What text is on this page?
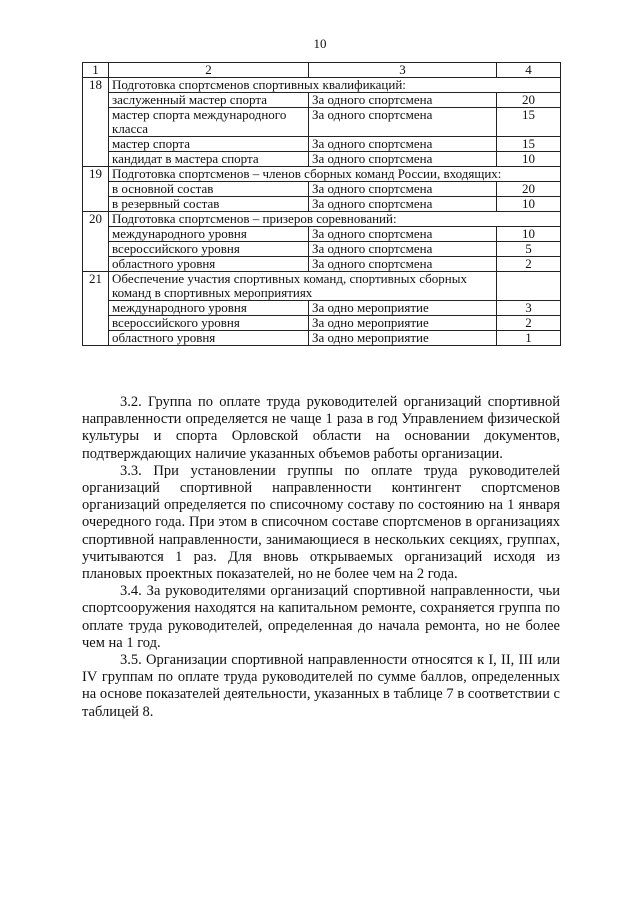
10
1	2	3	4
18	Подготовка спортсменов спортивных квалификаций:		
	заслуженный мастер спорта	За одного спортсмена	20
	мастер спорта международного класса	За одного спортсмена	15
	мастер спорта	За одного спортсмена	15
	кандидат в мастера спорта	За одного спортсмена	10
19	Подготовка спортсменов – членов сборных команд России, входящих:		
	в основной состав	За одного спортсмена	20
	в резервный состав	За одного спортсмена	10
20	Подготовка спортсменов – призеров соревнований:		
	международного уровня	За одного спортсмена	10
	всероссийского уровня	За одного спортсмена	5
	областного уровня	За одного спортсмена	2
21	Обеспечение участия спортивных команд, спортивных сборных команд в спортивных мероприятиях		
	международного уровня	За одно мероприятие	3
	всероссийского уровня	За одно мероприятие	2
	областного уровня	За одно мероприятие	1

3.2. Группа по оплате труда руководителей организаций спортивной направленности определяется не чаще 1 раза в год Управлением физической культуры и спорта Орловской области на основании документов, подтверждающих наличие указанных объемов работы организации.

3.3. При установлении группы по оплате труда руководителей организаций спортивной направленности контингент спортсменов организаций определяется по списочному составу по состоянию на 1 января очередного года. При этом в списочном составе спортсменов в организациях спортивной направленности, занимающиеся в нескольких секциях, группах, учитываются 1 раз. Для вновь открываемых организаций исходя из плановых проектных показателей, но не более чем на 2 года.

3.4. За руководителями организаций спортивной направленности, чьи спортсооружения находятся на капитальном ремонте, сохраняется группа по оплате труда руководителей, определенная до начала ремонта, но не более чем на 1 год.

3.5. Организации спортивной направленности относятся к I, II, III или IV группам по оплате труда руководителей по сумме баллов, определенных на основе показателей деятельности, указанных в таблице 7 в соответствии с таблицей 8.
